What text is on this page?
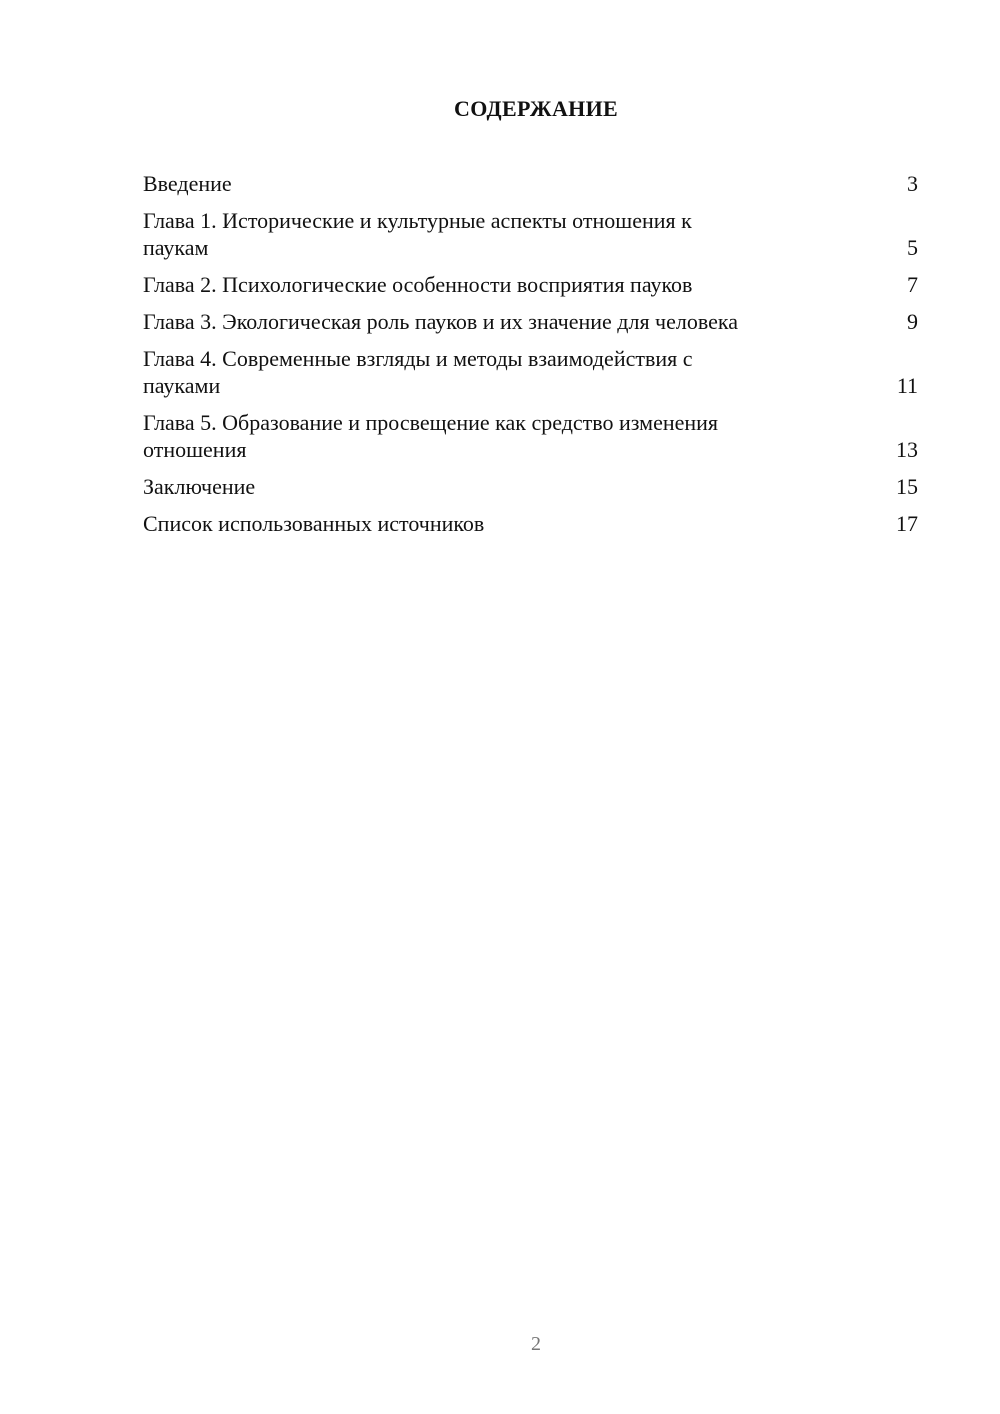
СОДЕРЖАНИЕ
Введение	3
Глава 1. Исторические и культурные аспекты отношения к
паукам	5
Глава 2. Психологические особенности восприятия пауков	7
Глава 3. Экологическая роль пауков и их значение для человека	9
Глава 4. Современные взгляды и методы взаимодействия с
пауками	11
Глава 5. Образование и просвещение как средство изменения
отношения	13
Заключение	15
Список использованных источников	17
2
